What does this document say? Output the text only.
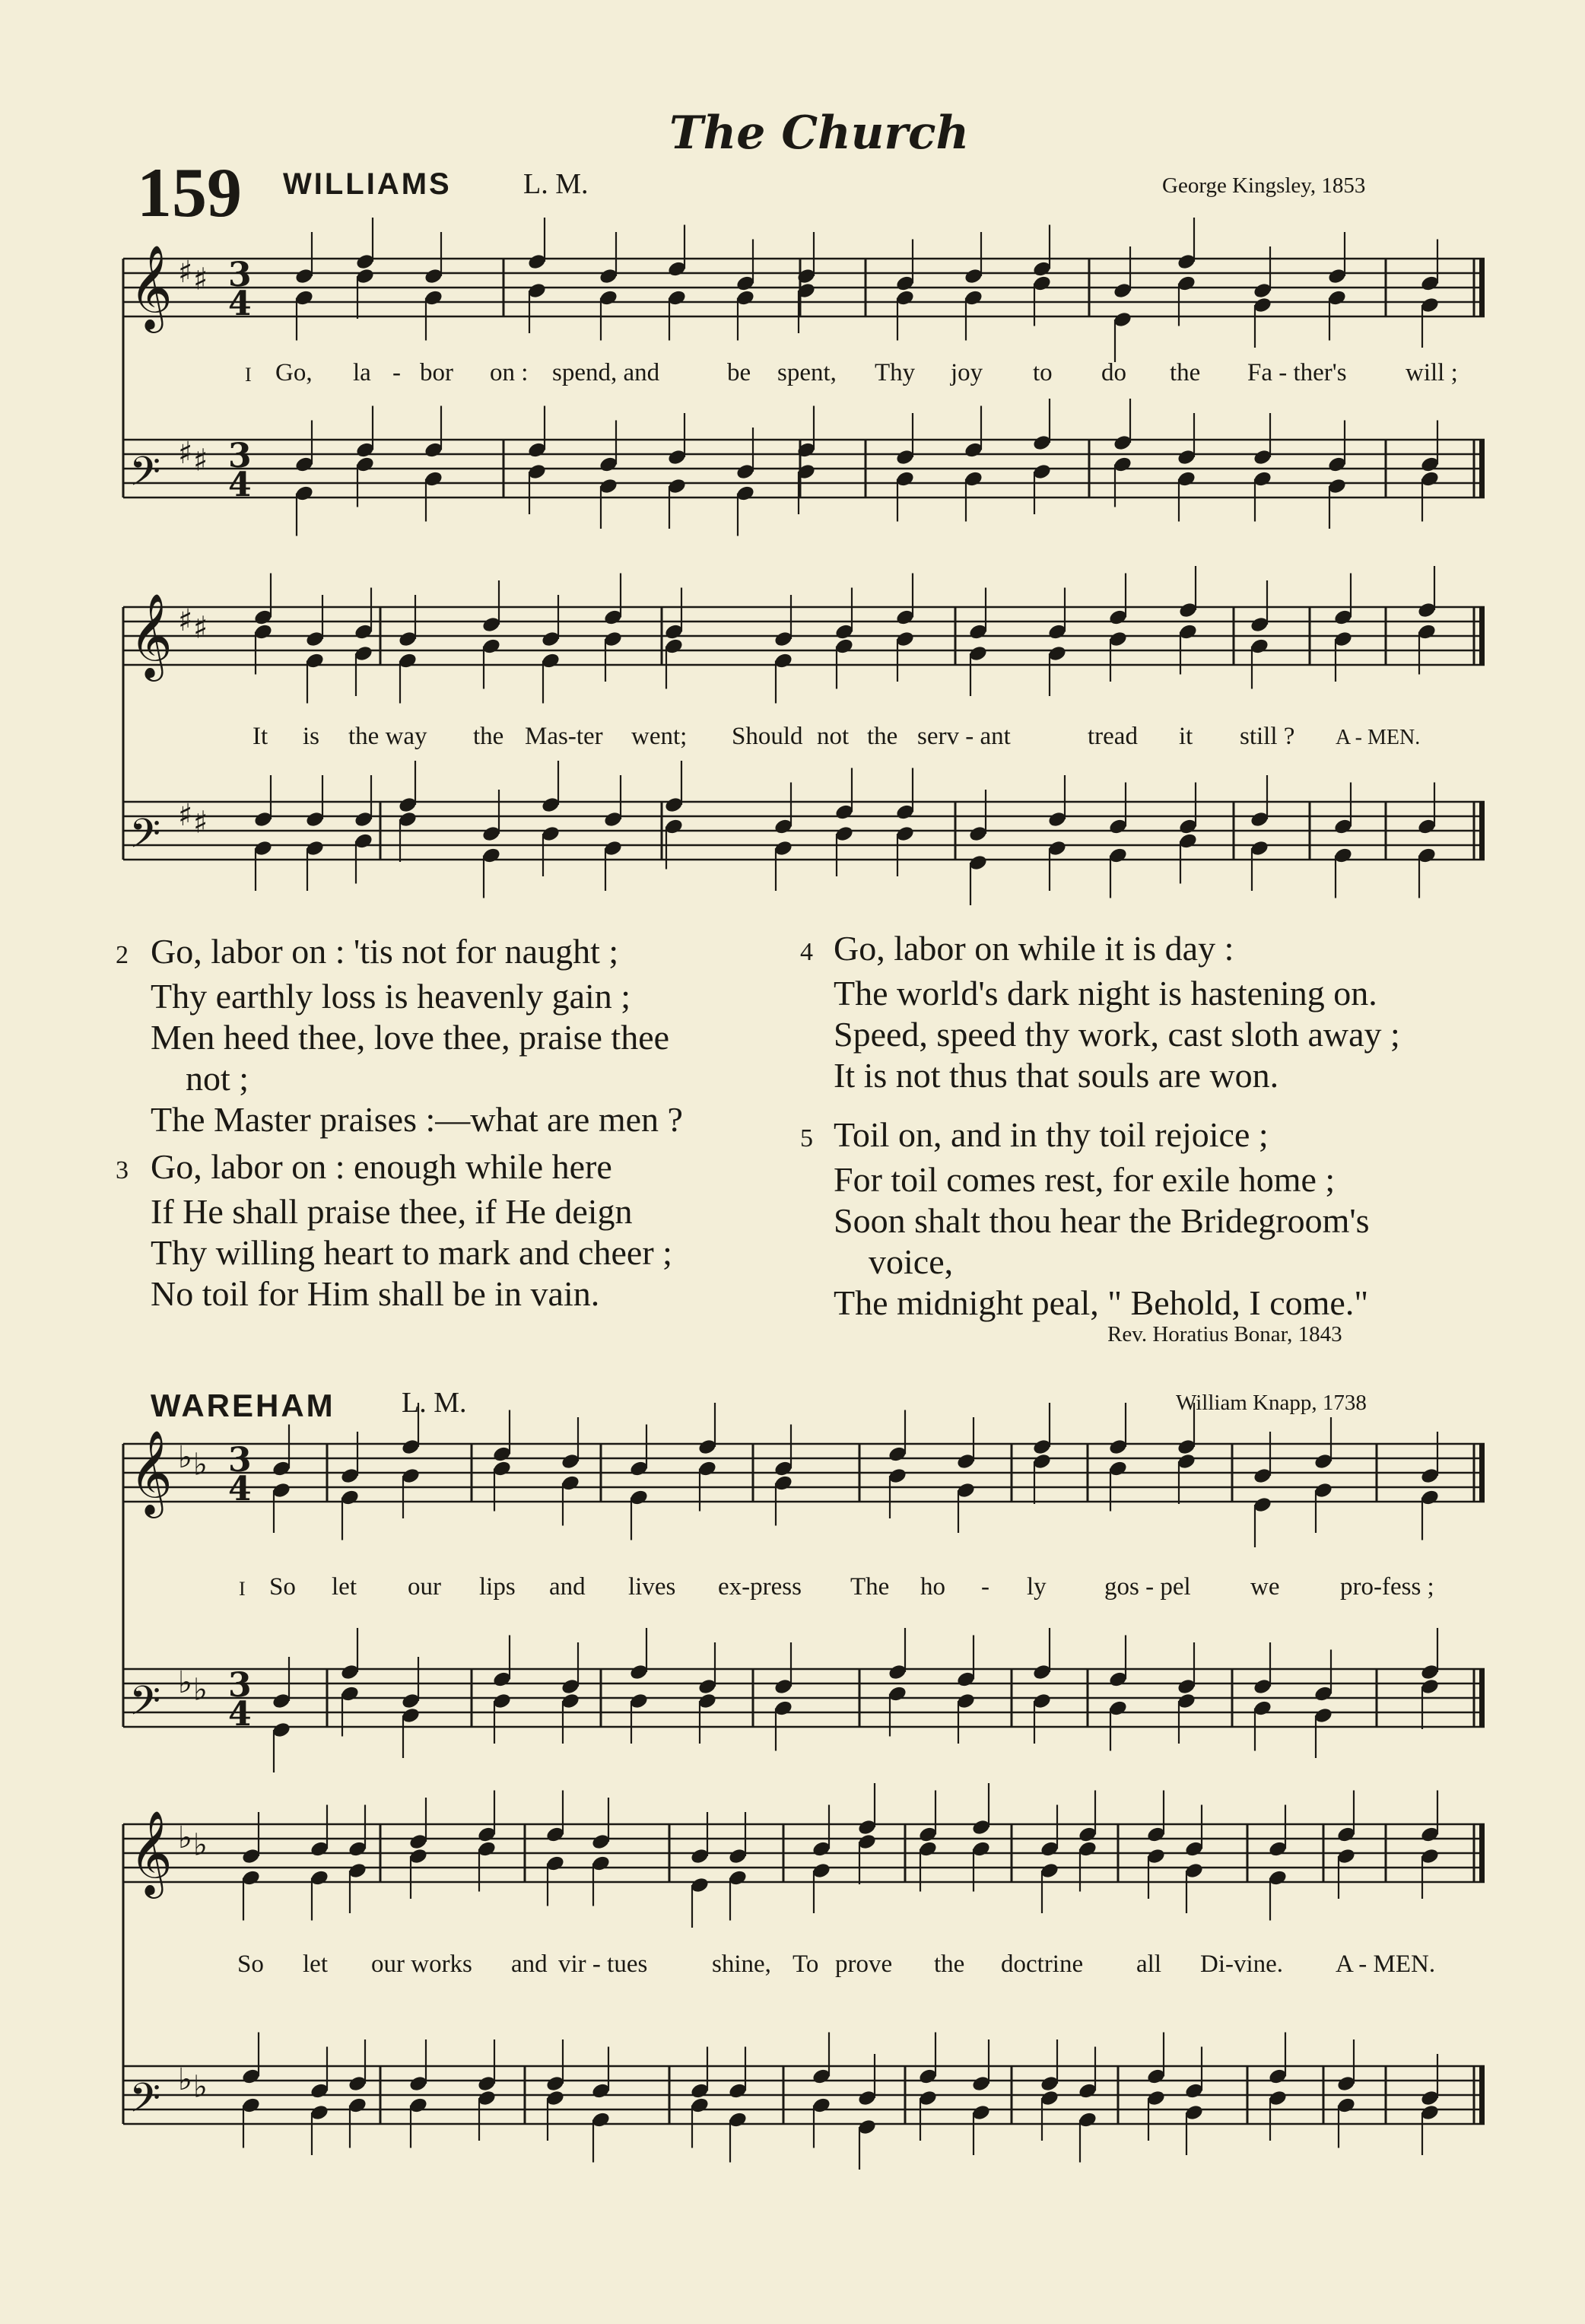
The Church
159 WILLIAMS L. M.	George Kingsley, 1853
𝄞
𝄢
♯ ♯
♯ ♯
3
4
3
4
𝄞
𝄢
♯ ♯
♯ ♯
𝄞
𝄢
♭ ♭
♭ ♭
3
4
3
4
𝄞
𝄢
♭ ♭
♭ ♭
I Go, la - bor on : spend, and	be spent, Thy joy to do the Fa - ther's will ;
It is the way the Mas-ter went; Should not the serv - ant	tread it still ? A - MEN.
2 Go, labor on : 'tis not for naught ;
Thy earthly loss is heavenly gain ;
Men heed thee, love thee, praise thee
not ;
The Master praises :—what are men ?
3 Go, labor on : enough while here
If He shall praise thee, if He deign
Thy willing heart to mark and cheer ;
No toil for Him shall be in vain.
4 Go, labor on while it is day :
The world's dark night is hastening on.
Speed, speed thy work, cast sloth away ;
It is not thus that souls are won.
5 Toil on, and in thy toil rejoice ;
For toil comes rest, for exile home ;
Soon shalt thou hear the Bridegroom's
voice,
The midnight peal, " Behold, I come."
Rev. Horatius Bonar, 1843
WAREHAM L. M.	William Knapp, 1738
I So let our lips and lives ex-press The ho - ly gos - pel we pro-fess ;
So let our works and vir - tues	shine, To prove the doctrine all Di-vine. A - MEN.
